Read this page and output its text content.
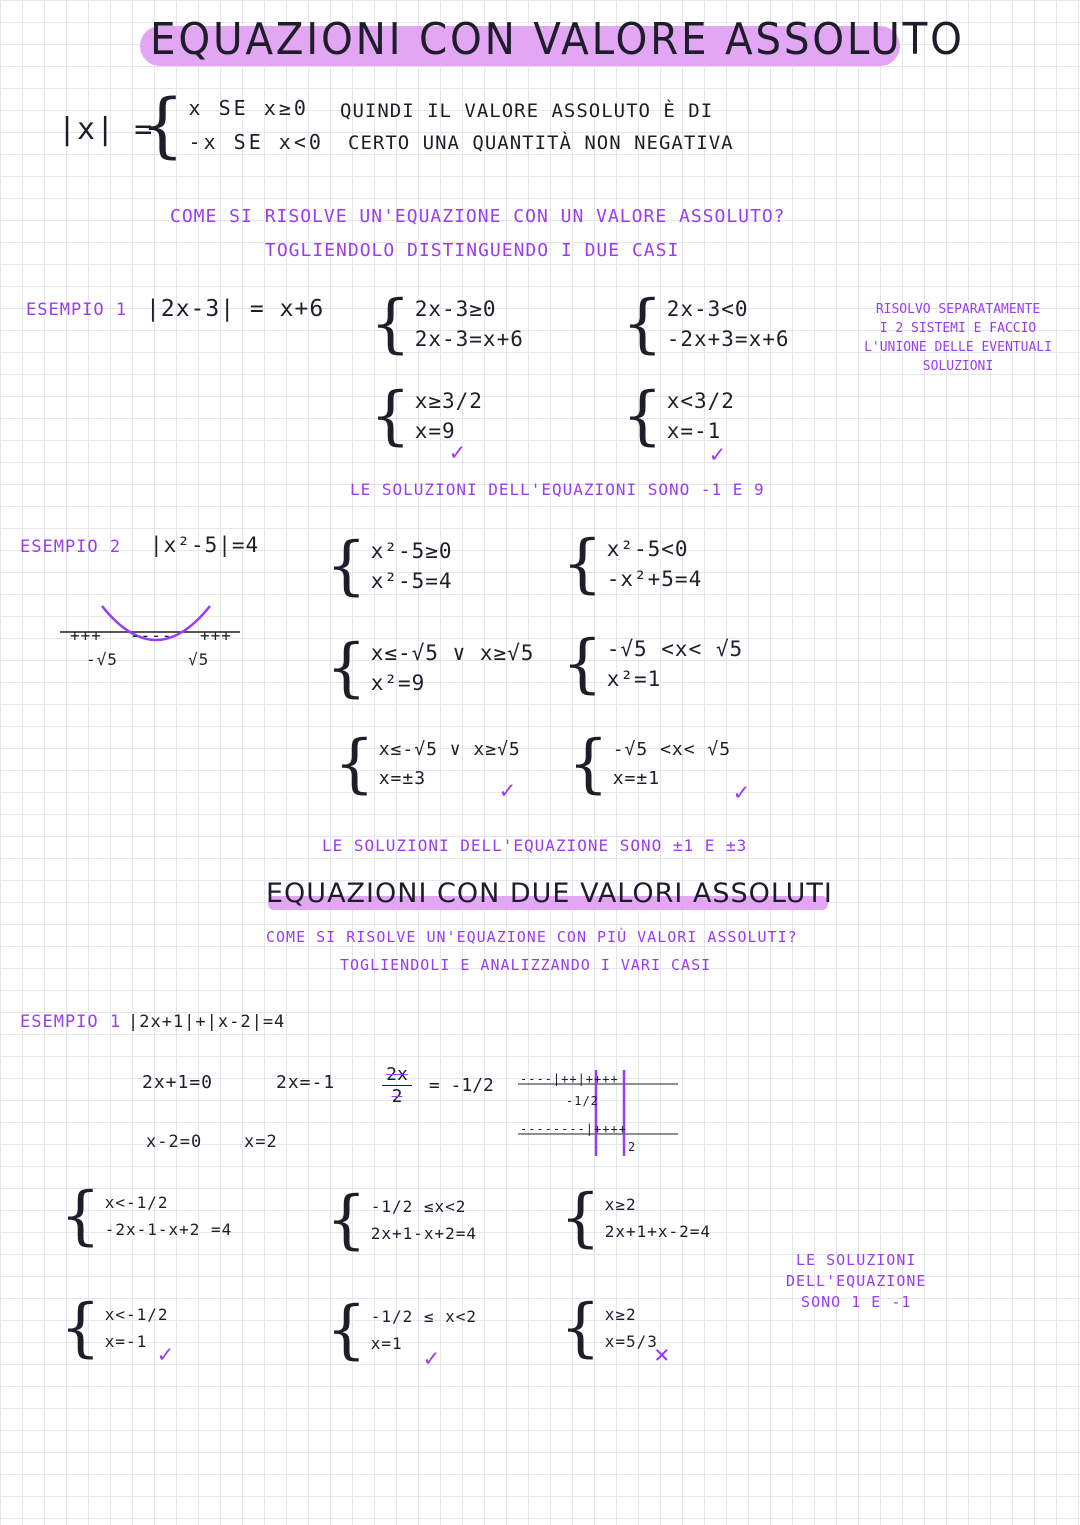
EQUAZIONI CON VALORE ASSOLUTO
|x| =
{ x SE x≥0
-x SE x<0
QUINDI IL VALORE ASSOLUTO È DI
CERTO UNA QUANTITÀ NON NEGATIVA
COME SI RISOLVE UN'EQUAZIONE CON UN VALORE ASSOLUTO?
TOGLIENDOLO DISTINGUENDO I DUE CASI
ESEMPIO 1 |2x-3| = x+6 { 2x-3≥0
2x-3=x+6
{ x≥3/2
x=9
✓
{ 2x-3<0
-2x+3=x+6
{ x<3/2
x=-1
✓
RISOLVO SEPARATAMENTE
I 2 SISTEMI E FACCIO
L'UNIONE DELLE EVENTUALI
SOLUZIONI
LE SOLUZIONI DELL'EQUAZIONI SONO -1 E 9
ESEMPIO 2 |x²-5|=4
+++ ---- +++
-√5	√5
{ x²-5≥0
x²-5=4
{ x≤-√5 ∨ x≥√5
x²=9
{ x≤-√5 ∨ x≥√5
x=±3	✓
{ x²-5<0
-x²+5=4
{ -√5 <x< √5
x²=1
{ -√5 <x< √5
x=±1	✓
LE SOLUZIONI DELL'EQUAZIONE SONO ±1 E ±3
EQUAZIONI CON DUE VALORI ASSOLUTI
COME SI RISOLVE UN'EQUAZIONE CON PIÙ VALORI ASSOLUTI?
TOGLIENDOLI E ANALIZZANDO I VARI CASI
ESEMPIO 1 |2x+1|+|x-2|=4
2x+1=0	2x=-1	$\frac{2x}{2} = -1/2$
x-2=0 x=2
----|++|++++
--------|++++
-1/2
2
{ x<-1/2
-2x-1-x+2 =4
{ x<-1/2
x=-1 ✓
{ -1/2 ≤x<2
2x+1-x+2=4
{ -1/2 ≤ x<2
x=1
✓
{ x≥2
2x+1+x-2=4
{ x≥2
x=5/3
×
LE SOLUZIONI
DELL'EQUAZIONE
SONO 1 E -1
